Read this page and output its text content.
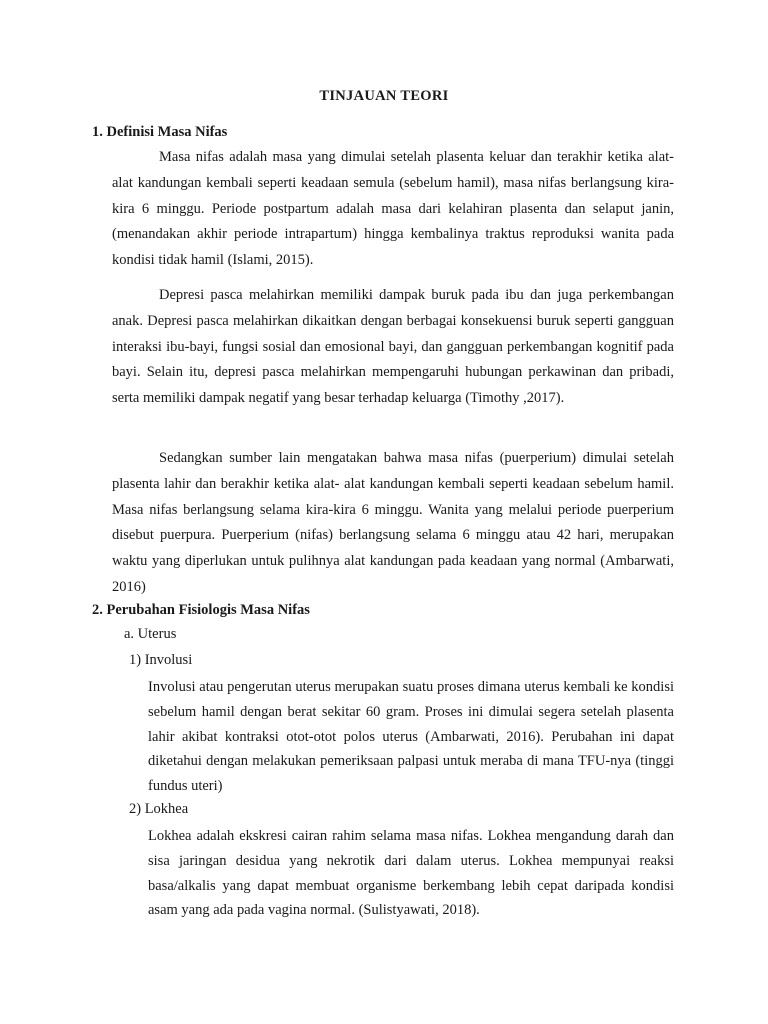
TINJAUAN TEORI
1. Definisi Masa Nifas

Masa nifas adalah masa yang dimulai setelah plasenta keluar dan terakhir ketika alat-alat kandungan kembali seperti keadaan semula (sebelum hamil), masa nifas berlangsung kira-kira 6 minggu. Periode postpartum adalah masa dari kelahiran plasenta dan selaput janin, (menandakan akhir periode intrapartum) hingga kembalinya traktus reproduksi wanita pada kondisi tidak hamil (Islami, 2015).

Depresi pasca melahirkan memiliki dampak buruk pada ibu dan juga perkembangan anak. Depresi pasca melahirkan dikaitkan dengan berbagai konsekuensi buruk seperti gangguan interaksi ibu-bayi, fungsi sosial dan emosional bayi, dan gangguan perkembangan kognitif pada bayi. Selain itu, depresi pasca melahirkan mempengaruhi hubungan perkawinan dan pribadi, serta memiliki dampak negatif yang besar terhadap keluarga (Timothy ,2017).

Sedangkan sumber lain mengatakan bahwa masa nifas (puerperium) dimulai setelah plasenta lahir dan berakhir ketika alat- alat kandungan kembali seperti keadaan sebelum hamil. Masa nifas berlangsung selama kira-kira 6 minggu. Wanita yang melalui periode puerperium disebut puerpura. Puerperium (nifas) berlangsung selama 6 minggu atau 42 hari, merupakan waktu yang diperlukan untuk pulihnya alat kandungan pada keadaan yang normal (Ambarwati, 2016)

2. Perubahan Fisiologis Masa Nifas
a. Uterus
1) Involusi

Involusi atau pengerutan uterus merupakan suatu proses dimana uterus kembali ke kondisi sebelum hamil dengan berat sekitar 60 gram. Proses ini dimulai segera setelah plasenta lahir akibat kontraksi otot-otot polos uterus (Ambarwati, 2016). Perubahan ini dapat diketahui dengan melakukan pemeriksaan palpasi untuk meraba di mana TFU-nya (tinggi fundus uteri)

2) Lokhea

Lokhea adalah ekskresi cairan rahim selama masa nifas. Lokhea mengandung darah dan sisa jaringan desidua yang nekrotik dari dalam uterus. Lokhea mempunyai reaksi basa/alkalis yang dapat membuat organisme berkembang lebih cepat daripada kondisi asam yang ada pada vagina normal. (Sulistyawati, 2018).
